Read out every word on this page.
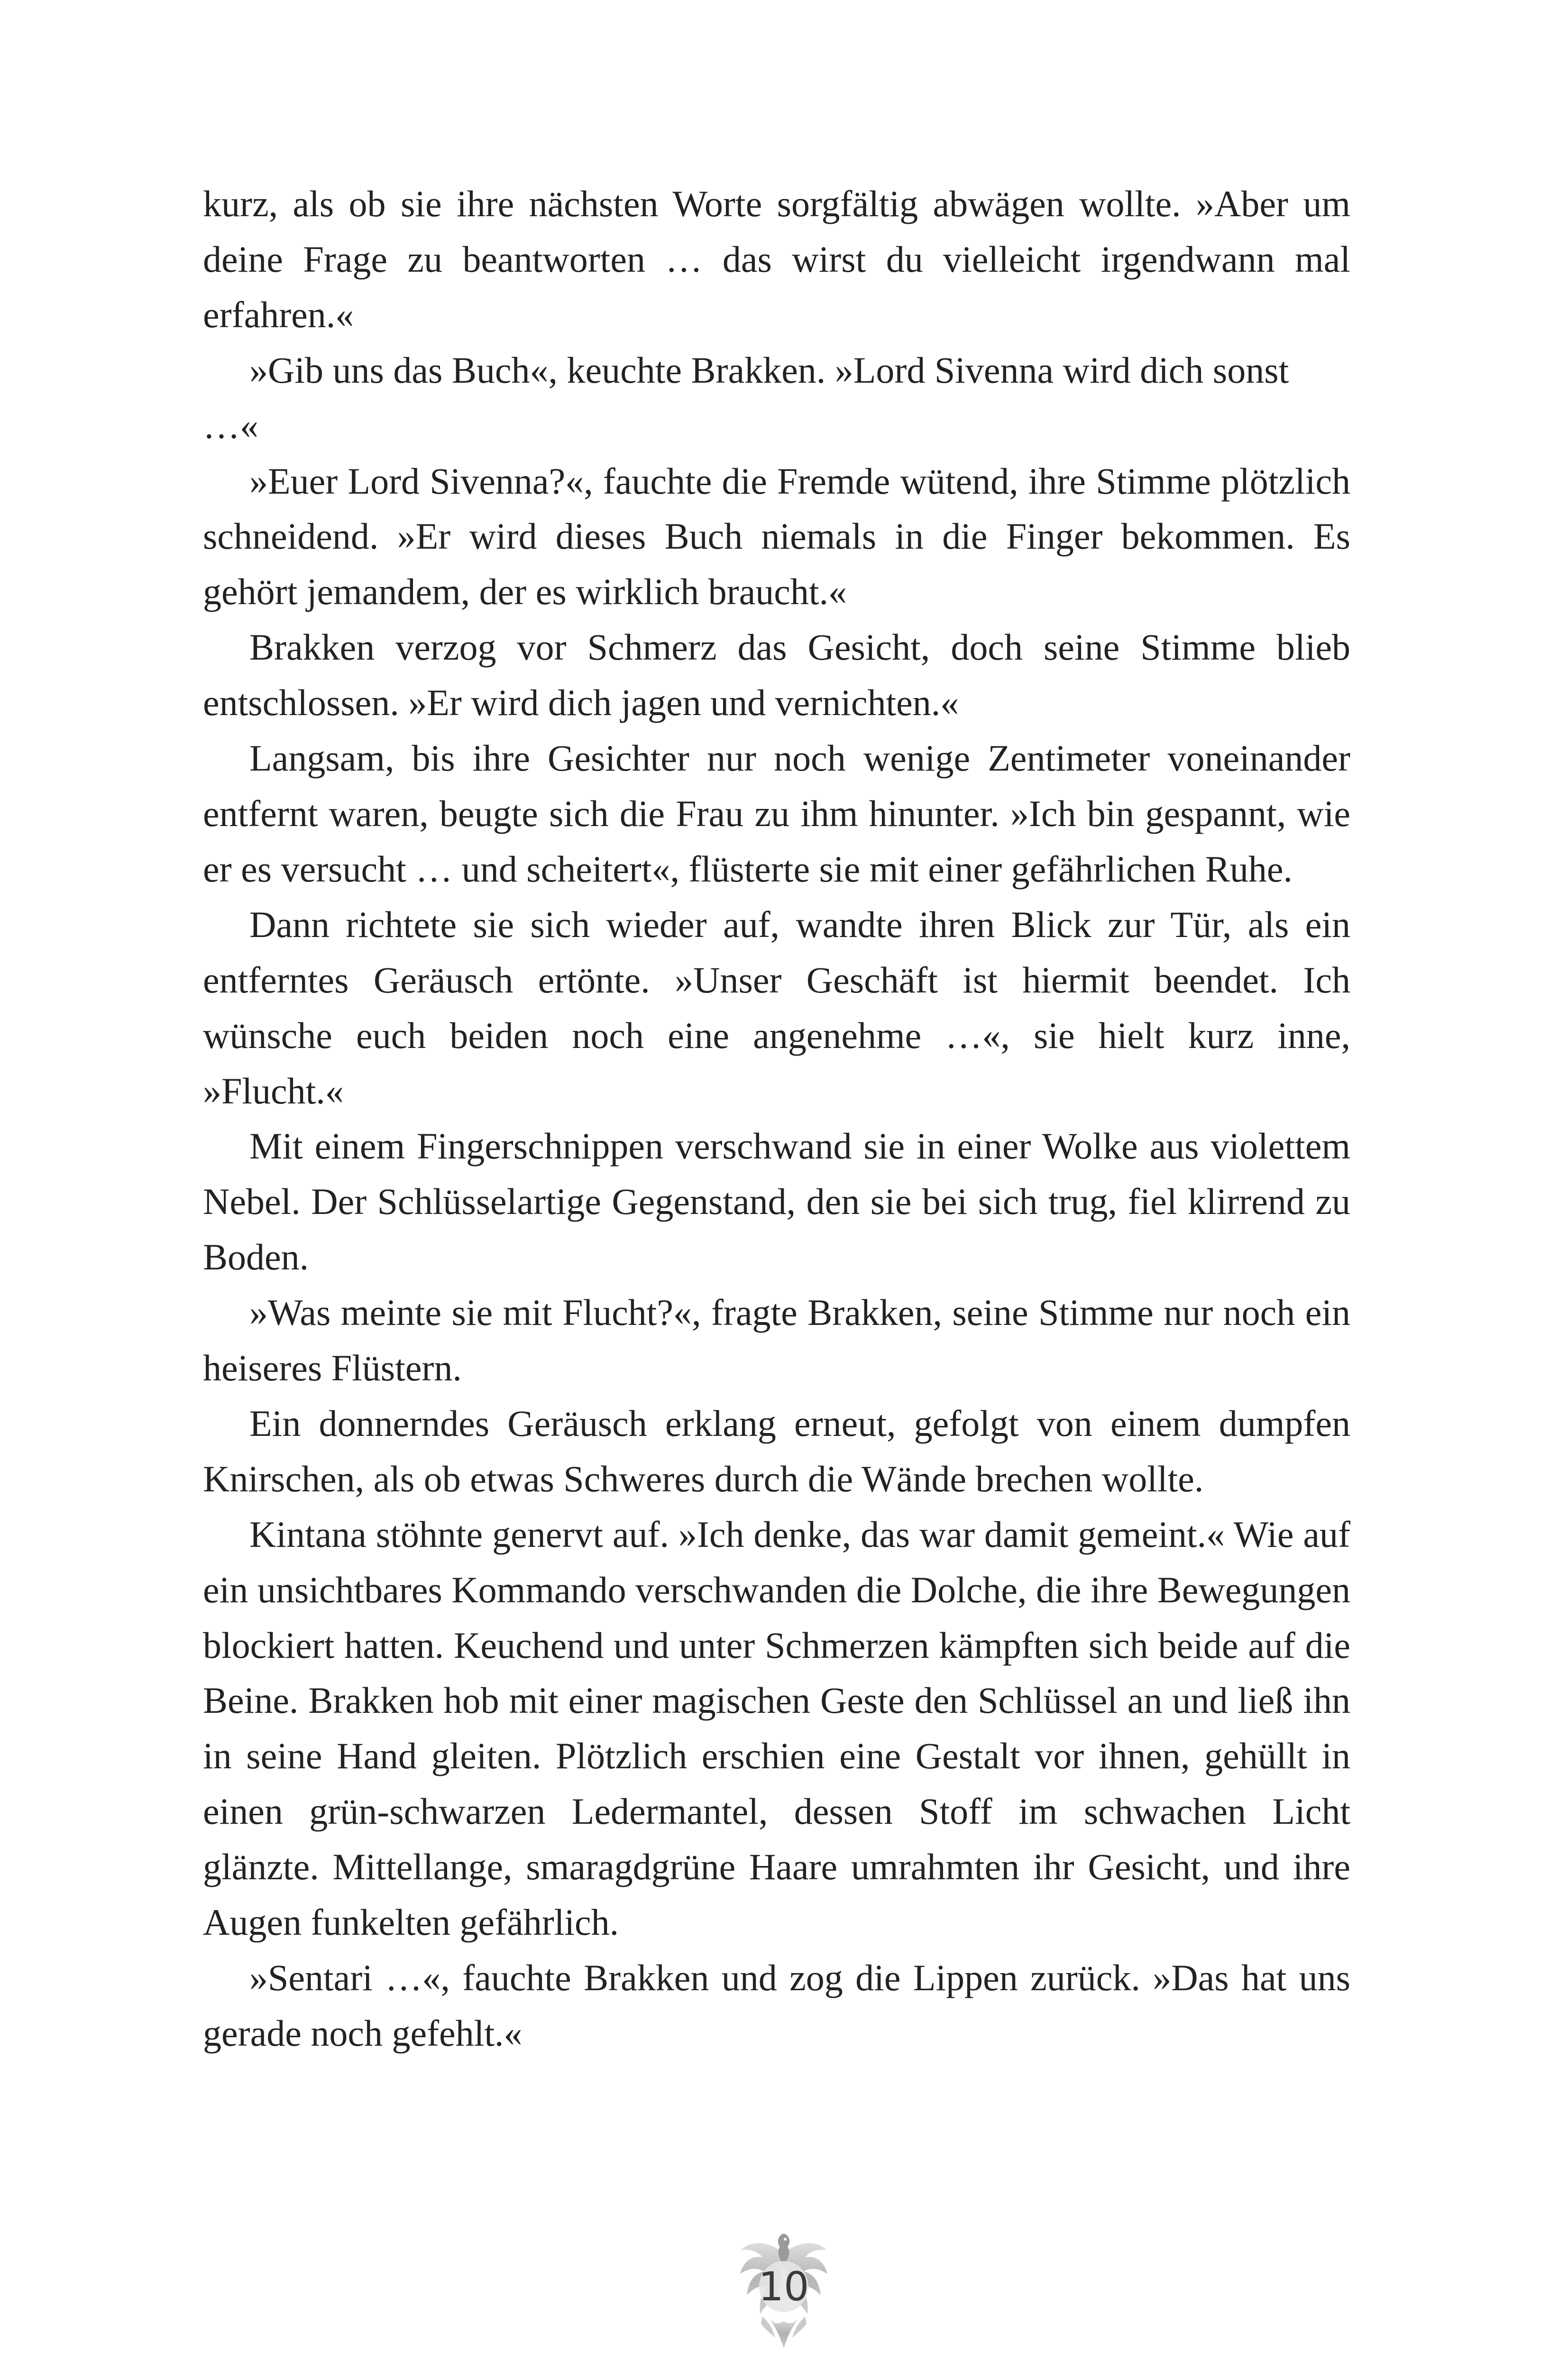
kurz, als ob sie ihre nächsten Worte sorgfältig abwägen wollte. »Aber um deine Frage zu beantworten … das wirst du vielleicht irgendwann mal erfahren.«

»Gib uns das Buch«, keuchte Brakken. »Lord Sivenna wird dich sonst …«

»Euer Lord Sivenna?«, fauchte die Fremde wütend, ihre Stimme plötzlich schneidend. »Er wird dieses Buch niemals in die Finger bekommen. Es gehört jemandem, der es wirklich braucht.«

Brakken verzog vor Schmerz das Gesicht, doch seine Stimme blieb entschlossen. »Er wird dich jagen und vernichten.«

Langsam, bis ihre Gesichter nur noch wenige Zentimeter voneinander entfernt waren, beugte sich die Frau zu ihm hinunter. »Ich bin gespannt, wie er es versucht … und scheitert«, flüsterte sie mit einer gefährlichen Ruhe.

Dann richtete sie sich wieder auf, wandte ihren Blick zur Tür, als ein entferntes Geräusch ertönte. »Unser Geschäft ist hiermit beendet. Ich wünsche euch beiden noch eine angenehme …«, sie hielt kurz inne, »Flucht.«

Mit einem Fingerschnippen verschwand sie in einer Wolke aus violettem Nebel. Der Schlüsselartige Gegenstand, den sie bei sich trug, fiel klirrend zu Boden.

»Was meinte sie mit Flucht?«, fragte Brakken, seine Stimme nur noch ein heiseres Flüstern.

Ein donnerndes Geräusch erklang erneut, gefolgt von einem dumpfen Knirschen, als ob etwas Schweres durch die Wände brechen wollte.

Kintana stöhnte genervt auf. »Ich denke, das war damit gemeint.« Wie auf ein unsichtbares Kommando verschwanden die Dolche, die ihre Bewegungen blockiert hatten. Keuchend und unter Schmerzen kämpften sich beide auf die Beine. Brakken hob mit einer magischen Geste den Schlüssel an und ließ ihn in seine Hand gleiten. Plötzlich erschien eine Gestalt vor ihnen, gehüllt in einen grün-schwarzen Ledermantel, dessen Stoff im schwachen Licht glänzte. Mittellange, smaragdgrüne Haare umrahmten ihr Gesicht, und ihre Augen funkelten gefährlich.

»Sentari …«, fauchte Brakken und zog die Lippen zurück. »Das hat uns gerade noch gefehlt.«

10
